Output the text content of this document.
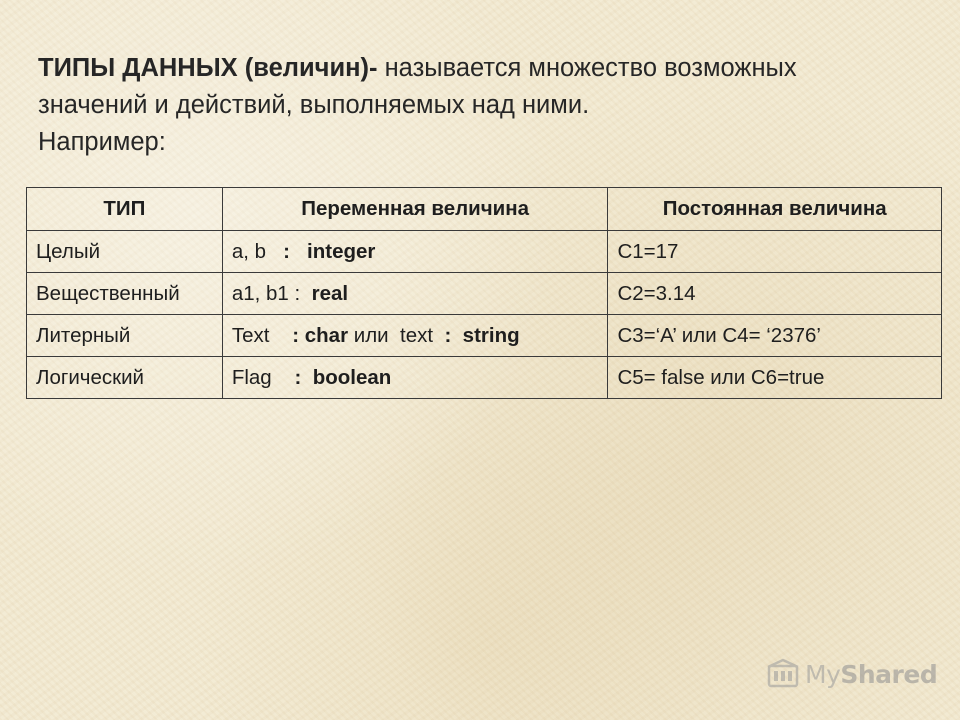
ТИПЫ ДАННЫХ (величин)- называется множество возможных
значений и действий, выполняемых над ними.
Например:
ТИП	Переменная величина	Постоянная величина
Целый	a, b   :   integer	C1=17
Вещественный	a1, b1 :  real	C2=3.14
Литерный	Text    : char или  text  :  string	C3=‘A’ или C4= ‘2376’
Логический	Flag    :  boolean	C5= false или C6=true
MyShared
